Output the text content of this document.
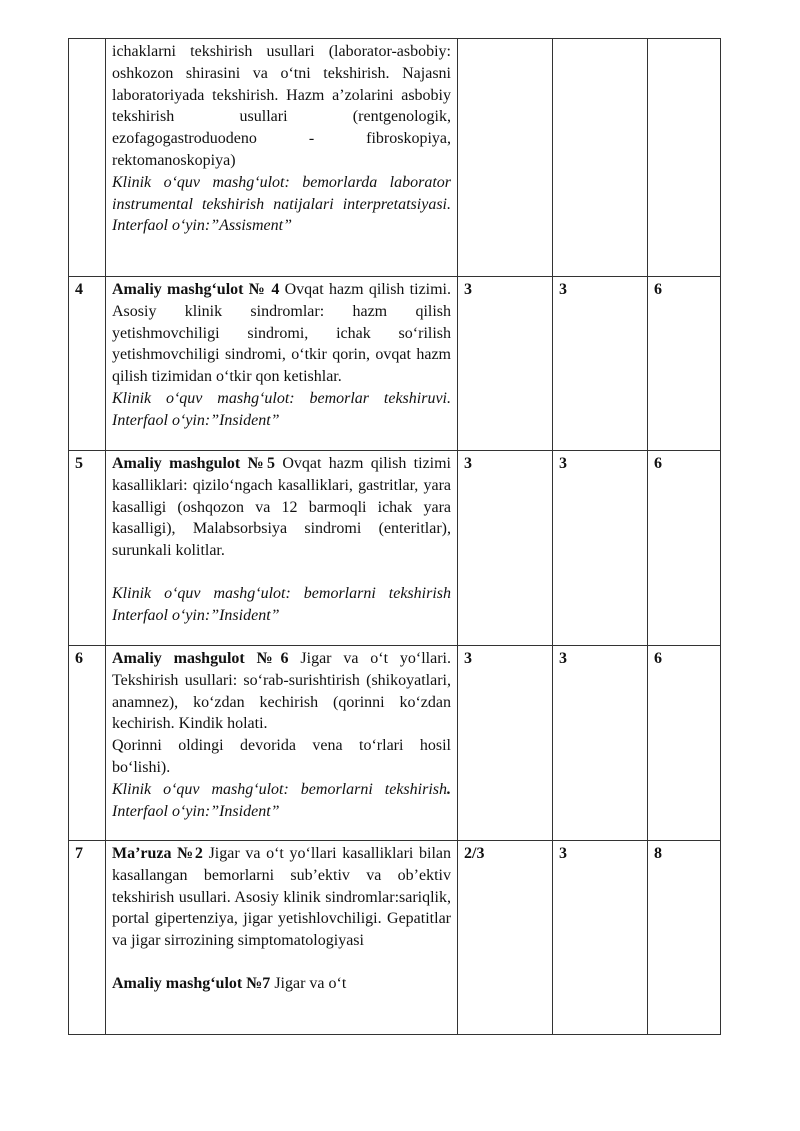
	ichaklarni tekshirish usullari (laborator-asbobiy: oshkozon shirasini va o‘tni tekshirish. Najasni laboratoriyada tekshirish. Hazm a’zolarini asbobiy tekshirish usullari (rentgenologik, ezofagogastroduodeno - fibroskopiya, rektomanoskopiya)
Klinik o‘quv mashg‘ulot: bemorlarda laborator instrumental tekshirish natijalari interpretatsiyasi. Interfaol o‘yin:”Assisment”			

4	Amaliy mashg‘ulot № 4 Ovqat hazm qilish tizimi. Asosiy klinik sindromlar: hazm qilish yetishmovchiligi sindromi, ichak so‘rilish yetishmovchiligi sindromi, o‘tkir qorin, ovqat hazm qilish tizimidan o‘tkir qon ketishlar.
Klinik o‘quv mashg‘ulot: bemorlar tekshiruvi. Interfaol o‘yin:”Insident”	3	3	6
5	Amaliy mashgulot №5 Ovqat hazm qilish tizimi kasalliklari: qizilo‘ngach kasalliklari, gastritlar, yara kasalligi (oshqozon va 12 barmoqli ichak yara kasalligi), Malabsorbsiya sindromi (enteritlar), surunkali kolitlar.
Klinik o‘quv mashg‘ulot: bemorlarni tekshirish Interfaol o‘yin:”Insident”	3	3	6
6	Amaliy mashgulot №6 Jigar va o‘t yo‘llari. Tekshirish usullari: so‘rab-surishtirish (shikoyatlari, anamnez), ko‘zdan kechirish (qorinni ko‘zdan kechirish. Kindik holati.
Qorinni oldingi devorida vena to‘rlari hosil bo‘lishi).
Klinik o‘quv mashg‘ulot: bemorlarni tekshirish. Interfaol o‘yin:”Insident”	3	3	6
7	Ma’ruza №2 Jigar va o‘t yo‘llari kasalliklari bilan kasallangan bemorlarni sub’ektiv va ob’ektiv tekshirish usullari. Asosiy klinik sindromlar:sariqlik, portal gipertenziya, jigar yetishlovchiligi. Gepatitlar va jigar sirrozining simptomatologiyasi
Amaliy mashg‘ulot №7 Jigar va o‘t	2/3	3	8
